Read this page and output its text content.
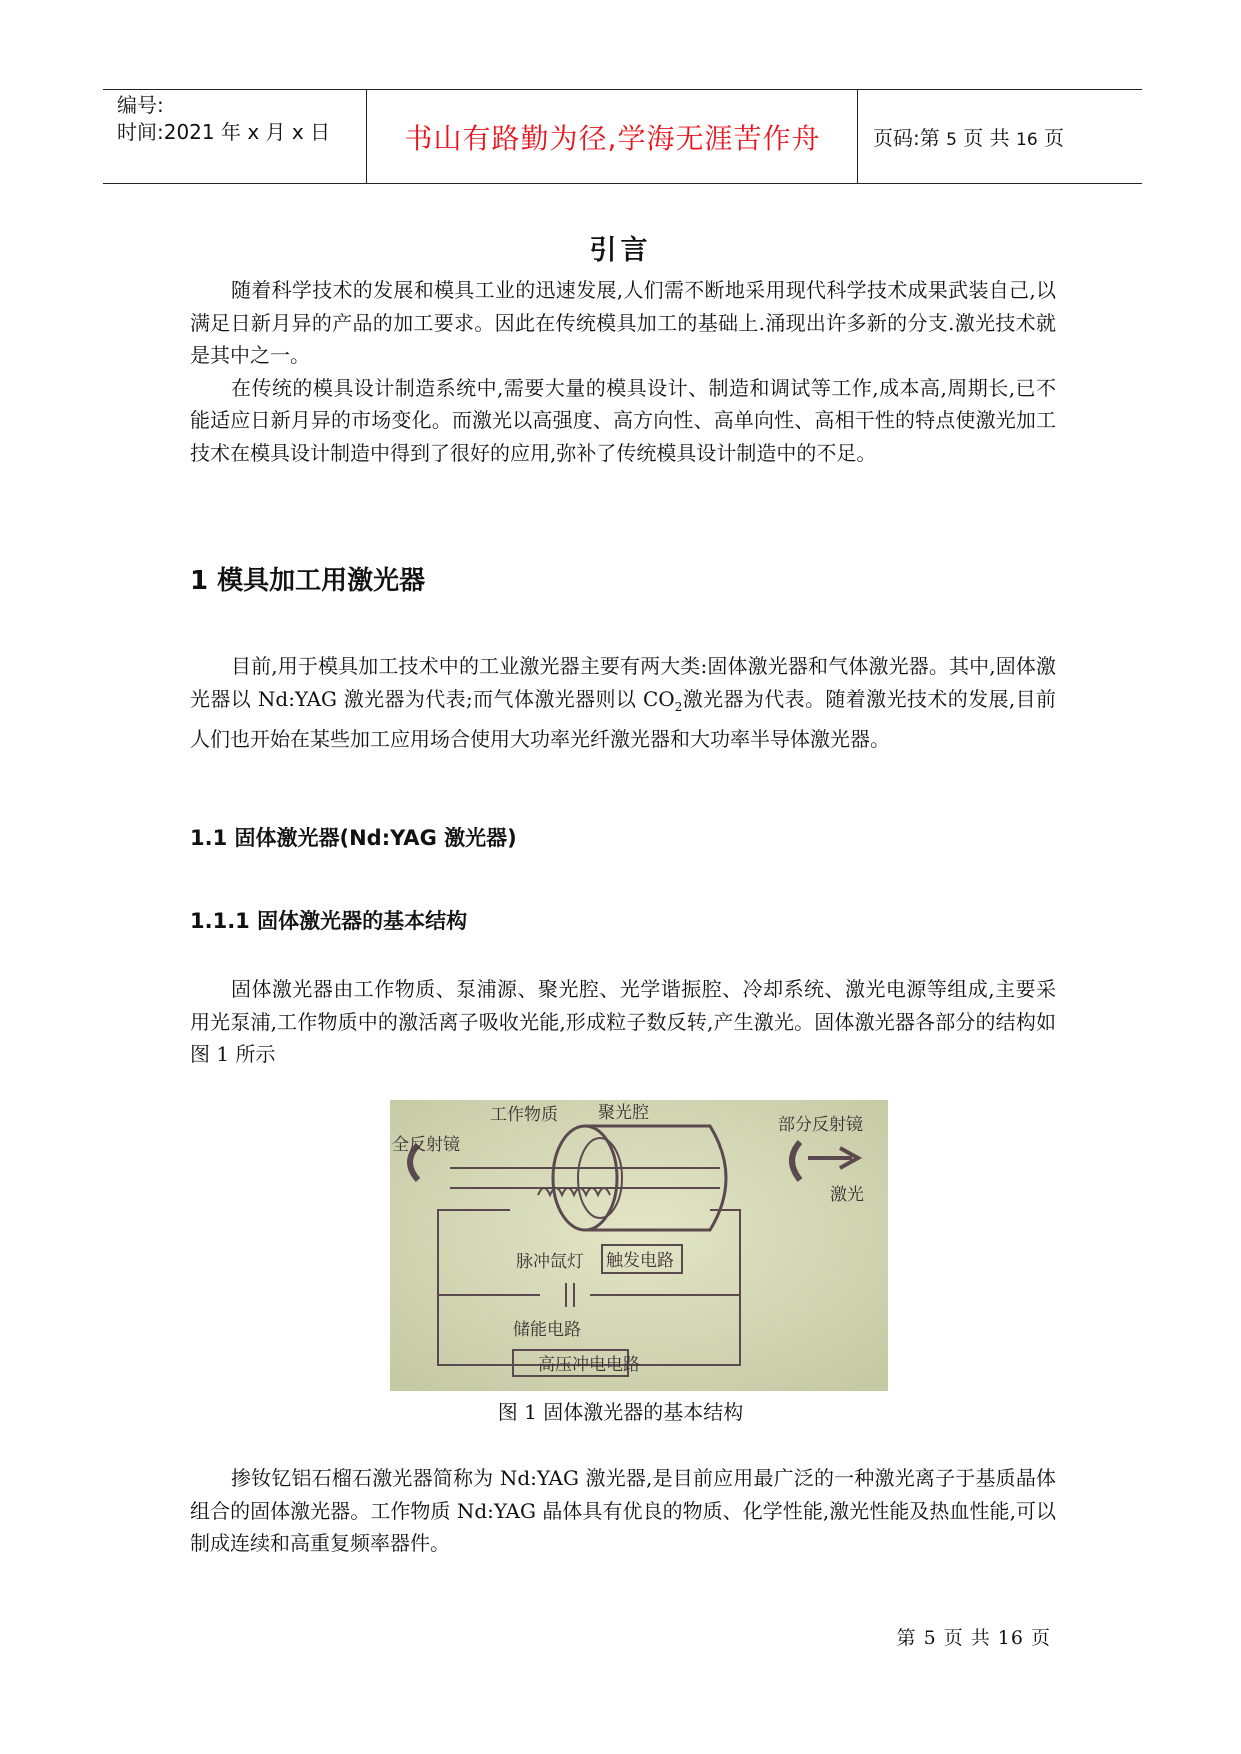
编号:
时间:2021 年 x 月 x 日	书山有路勤为径,学海无涯苦作舟	页码:第 5 页 共 16 页
引言

随着科学技术的发展和模具工业的迅速发展,人们需不断地采用现代科学技术成果武装自己,以满足日新月异的产品的加工要求。因此在传统模具加工的基础上.涌现出许多新的分支.激光技术就是其中之一。

在传统的模具设计制造系统中,需要大量的模具设计、制造和调试等工作,成本高,周期长,已不能适应日新月异的市场变化。而激光以高强度、高方向性、高单向性、高相干性的特点使激光加工技术在模具设计制造中得到了很好的应用,弥补了传统模具设计制造中的不足。

1 模具加工用激光器

目前,用于模具加工技术中的工业激光器主要有两大类:固体激光器和气体激光器。其中,固体激光器以 Nd:YAG 激光器为代表;而气体激光器则以 $CO_2$激光器为代表。随着激光技术的发展,目前人们也开始在某些加工应用场合使用大功率光纤激光器和大功率半导体激光器。

1.1 固体激光器(Nd:YAG 激光器)
1.1.1 固体激光器的基本结构

固体激光器由工作物质、泵浦源、聚光腔、光学谐振腔、冷却系统、激光电源等组成,主要采用光泵浦,工作物质中的激活离子吸收光能,形成粒子数反转,产生激光。固体激光器各部分的结构如图 1 所示

工作物质 聚光腔
全反射镜
部分反射镜
激光
脉冲氙灯 触发电路
储能电路
高压冲电电路
图 1 固体激光器的基本结构

掺钕钇铝石榴石激光器简称为 Nd:YAG 激光器,是目前应用最广泛的一种激光离子于基质晶体组合的固体激光器。工作物质 Nd:YAG 晶体具有优良的物质、化学性能,激光性能及热血性能,可以制成连续和高重复频率器件。

第 5 页 共 16 页
